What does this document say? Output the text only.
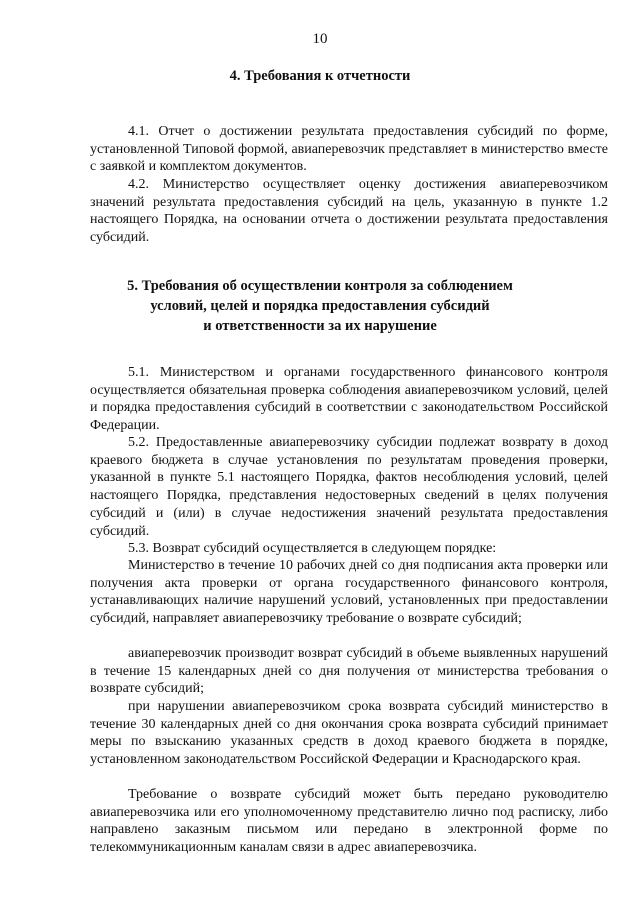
10
4. Требования к отчетности

4.1. Отчет о достижении результата предоставления субсидий по форме, установленной Типовой формой, авиаперевозчик представляет в министерство вместе с заявкой и комплектом документов.

4.2. Министерство осуществляет оценку достижения авиаперевозчиком значений результата предоставления субсидий на цель, указанную в пункте 1.2 настоящего Порядка, на основании отчета о достижении результата предоставления субсидий.

5. Требования об осуществлении контроля за соблюдением
условий, целей и порядка предоставления субсидий
и ответственности за их нарушение

5.1. Министерством и органами государственного финансового контроля осуществляется обязательная проверка соблюдения авиаперевозчиком условий, целей и порядка предоставления субсидий в соответствии с законодательством Российской Федерации.

5.2. Предоставленные авиаперевозчику субсидии подлежат возврату в доход краевого бюджета в случае установления по результатам проведения проверки, указанной в пункте 5.1 настоящего Порядка, фактов несоблюдения условий, целей настоящего Порядка, представления недостоверных сведений в целях получения субсидий и (или) в случае недостижения значений результата предоставления субсидий.

5.3. Возврат субсидий осуществляется в следующем порядке:

Министерство в течение 10 рабочих дней со дня подписания акта проверки или получения акта проверки от органа государственного финансового контроля, устанавливающих наличие нарушений условий, установленных при предоставлении субсидий, направляет авиаперевозчику требование о возврате субсидий;

авиаперевозчик производит возврат субсидий в объеме выявленных нарушений в течение 15 календарных дней со дня получения от министерства требования о возврате субсидий;

при нарушении авиаперевозчиком срока возврата субсидий министерство в течение 30 календарных дней со дня окончания срока возврата субсидий принимает меры по взысканию указанных средств в доход краевого бюджета в порядке, установленном законодательством Российской Федерации и Краснодарского края.

Требование о возврате субсидий может быть передано руководителю авиаперевозчика или его уполномоченному представителю лично под расписку, либо направлено заказным письмом или передано в электронной форме по телекоммуникационным каналам связи в адрес авиаперевозчика.
